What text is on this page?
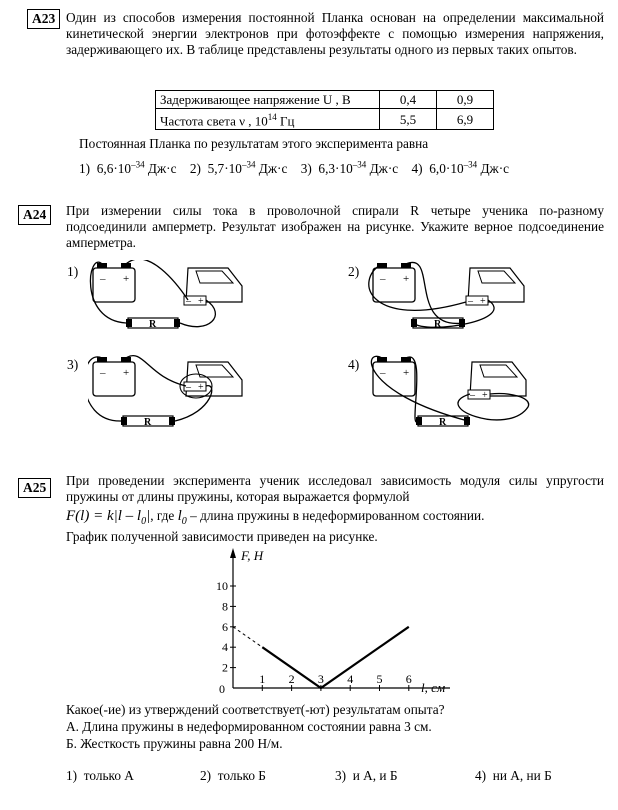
А23 Один из способов измерения постоянной Планка основан на определении максимальной кинетической энергии электронов при фотоэффекте с помощью измерения напряжения, задерживающего их. В таблице представлены результаты одного из первых таких опытов.
Задерживающее напряжение U , В	0,4	0,9
Частота света ν , $10^{14}$ Гц	5,5	6,9
Постоянная Планка по результатам этого эксперимента равна
1) $6,6\cdot 10^{-34}$ Дж·с 2) $5,7\cdot 10^{-34}$ Дж·с 3) $6,3\cdot 10^{-34}$ Дж·с 4) $6,0\cdot 10^{-34}$ Дж·с
А24	При измерении силы тока в проволочной спирали R четыре ученика по-разному подсоединили амперметр. Результат изображен на рисунке. Укажите верное подсоединение амперметра.
1) – +
– +
R
2) – +
– +
R
3)
– +
– +
R
4)
– +
– +
R
А25	При проведении эксперимента ученик исследовал зависимость модуля силы упругости пружины от длины пружины, которая выражается формулой
$F(l) = k|l - l_0|$, где $l_0$ – длина пружины в недеформированном состоянии.
График полученной зависимости приведен на рисунке.
F, Н
l, см
0
1 2 3 4 5 6
2
4
6
8
10
Какое(-ие) из утверждений соответствует(-ют) результатам опыта?
А. Длина пружины в недеформированном состоянии равна 3 см.
Б. Жесткость пружины равна 200 Н/м.
1) только А	2) только Б	3) и А, и Б	4) ни А, ни Б
